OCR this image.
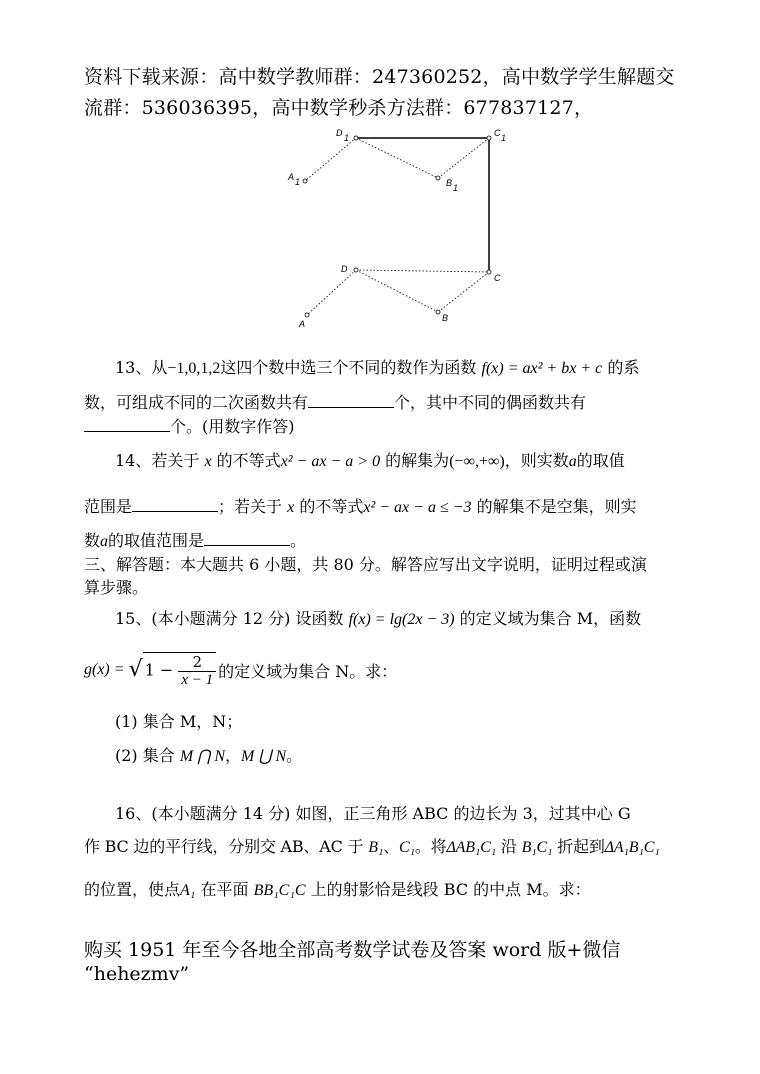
资料下载来源：高中数学教师群：247360252，高中数学学生解题交
流群：536036395，高中数学秒杀方法群：677837127，
D 1	C 1
A 1	B 1
D
C
A
B
13、从−1,0,1,2这四个数中选三个不同的数作为函数 f(x) = ax² + bx + c 的系
数，可组成不同的二次函数共有	个，其中不同的偶函数共有
个。(用数字作答)
14、若关于 x 的不等式x² − ax − a > 0 的解集为(−∞,+∞)，则实数a的取值
范围是	；若关于 x 的不等式x² − ax − a ≤ −3 的解集不是空集，则实
数a的取值范围是	。
三、解答题：本大题共 6 小题，共 80 分。解答应写出文字说明，证明过程或演
算步骤。
15、(本小题满分 12 分) 设函数 f(x) = lg(2x − 3) 的定义域为集合 M，函数
g(x) = √ $1 - \frac{2}{x - 1}$ 的定义域为集合 N。求：
(1) 集合 M，N；
(2) 集合 M ⋂ N，M ⋃ N。
16、(本小题满分 14 分) 如图，正三角形 ABC 的边长为 3，过其中心 G
作 BC 边的平行线，分别交 AB、AC 于 B₁、C₁。将ΔAB₁C₁ 沿 B₁C₁ 折起到ΔA₁B₁C₁
的位置，使点A₁ 在平面 BB₁C₁C 上的射影恰是线段 BC 的中点 M。求：
购买 1951 年至今各地全部高考数学试卷及答案 word 版+微信
“hehezmv”
